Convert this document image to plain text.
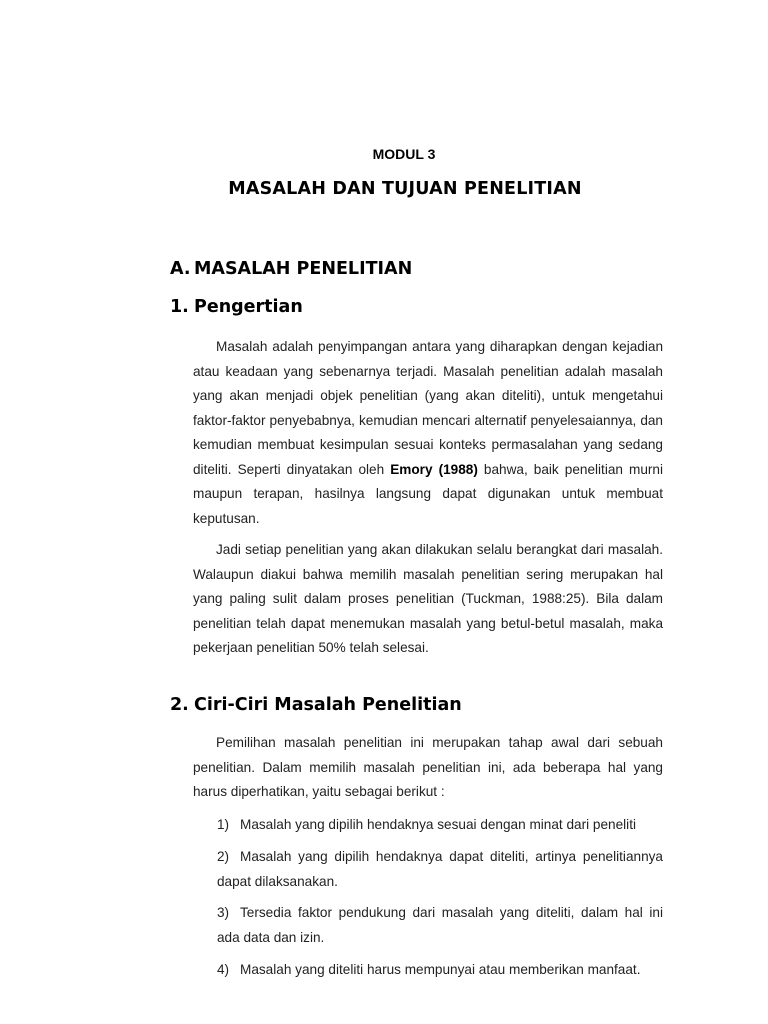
MODUL 3
MASALAH DAN TUJUAN PENELITIAN
A. MASALAH PENELITIAN
1. Pengertian

Masalah adalah penyimpangan antara yang diharapkan dengan kejadian atau keadaan yang sebenarnya terjadi. Masalah penelitian adalah masalah yang akan menjadi objek penelitian (yang akan diteliti), untuk mengetahui faktor-faktor penyebabnya, kemudian mencari alternatif penyelesaiannya, dan kemudian membuat kesimpulan sesuai konteks permasalahan yang sedang diteliti. Seperti dinyatakan oleh Emory (1988) bahwa, baik penelitian murni maupun terapan, hasilnya langsung dapat digunakan untuk membuat keputusan.

Jadi setiap penelitian yang akan dilakukan selalu berangkat dari masalah. Walaupun diakui bahwa memilih masalah penelitian sering merupakan hal yang paling sulit dalam proses penelitian (Tuckman, 1988:25). Bila dalam penelitian telah dapat menemukan masalah yang betul-betul masalah, maka pekerjaan penelitian 50% telah selesai.

2. Ciri-Ciri Masalah Penelitian

Pemilihan masalah penelitian ini merupakan tahap awal dari sebuah penelitian. Dalam memilih masalah penelitian ini, ada beberapa hal yang harus diperhatikan, yaitu sebagai berikut :

1) Masalah yang dipilih hendaknya sesuai dengan minat dari peneliti
2) Masalah yang dipilih hendaknya dapat diteliti, artinya penelitiannya dapat dilaksanakan.
3) Tersedia faktor pendukung dari masalah yang diteliti, dalam hal ini ada data dan izin.
4) Masalah yang diteliti harus mempunyai atau memberikan manfaat.
